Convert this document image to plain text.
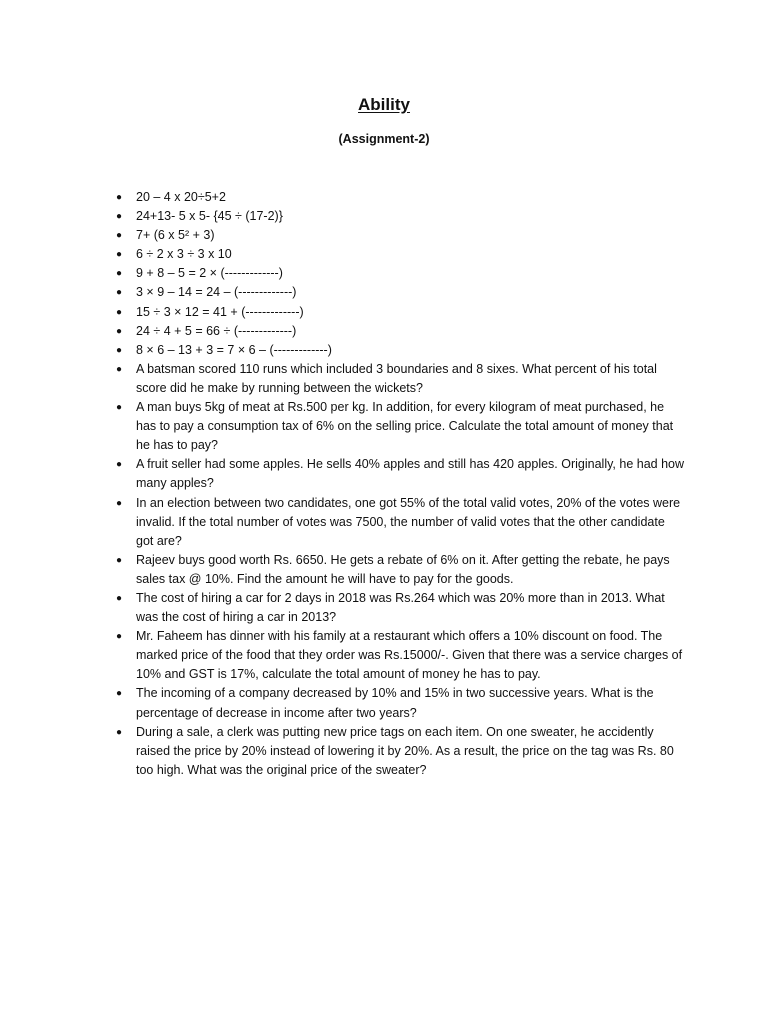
Ability
(Assignment-2)
● 20 – 4 x 20÷5+2
● 24+13- 5 x 5- {45 ÷ (17-2)}
● 7+ (6 x 5² + 3)
● 6 ÷ 2 x 3 ÷ 3 x 10
● 9 + 8 – 5 = 2 × (-------------)
● 3 × 9 – 14 = 24 – (-------------)
● 15 ÷ 3 × 12 = 41 + (-------------)
● 24 ÷ 4 + 5 = 66 ÷ (-------------)
● 8 × 6 – 13 + 3 = 7 × 6 – (-------------)
● A batsman scored 110 runs which included 3 boundaries and 8 sixes. What percent of his total score did he make by running between the wickets?
● A man buys 5kg of meat at Rs.500 per kg. In addition, for every kilogram of meat purchased, he has to pay a consumption tax of 6% on the selling price. Calculate the total amount of money that he has to pay?
● A fruit seller had some apples. He sells 40% apples and still has 420 apples. Originally, he had how many apples?
● In an election between two candidates, one got 55% of the total valid votes, 20% of the votes were invalid. If the total number of votes was 7500, the number of valid votes that the other candidate got are?
● Rajeev buys good worth Rs. 6650. He gets a rebate of 6% on it. After getting the rebate, he pays sales tax @ 10%. Find the amount he will have to pay for the goods.
● The cost of hiring a car for 2 days in 2018 was Rs.264 which was 20% more than in 2013. What was the cost of hiring a car in 2013?
● Mr. Faheem has dinner with his family at a restaurant which offers a 10% discount on food. The marked price of the food that they order was Rs.15000/-. Given that there was a service charges of 10% and GST is 17%, calculate the total amount of money he has to pay.
● The incoming of a company decreased by 10% and 15% in two successive years. What is the percentage of decrease in income after two years?
● During a sale, a clerk was putting new price tags on each item. On one sweater, he accidently raised the price by 20% instead of lowering it by 20%. As a result, the price on the tag was Rs. 80 too high. What was the original price of the sweater?
